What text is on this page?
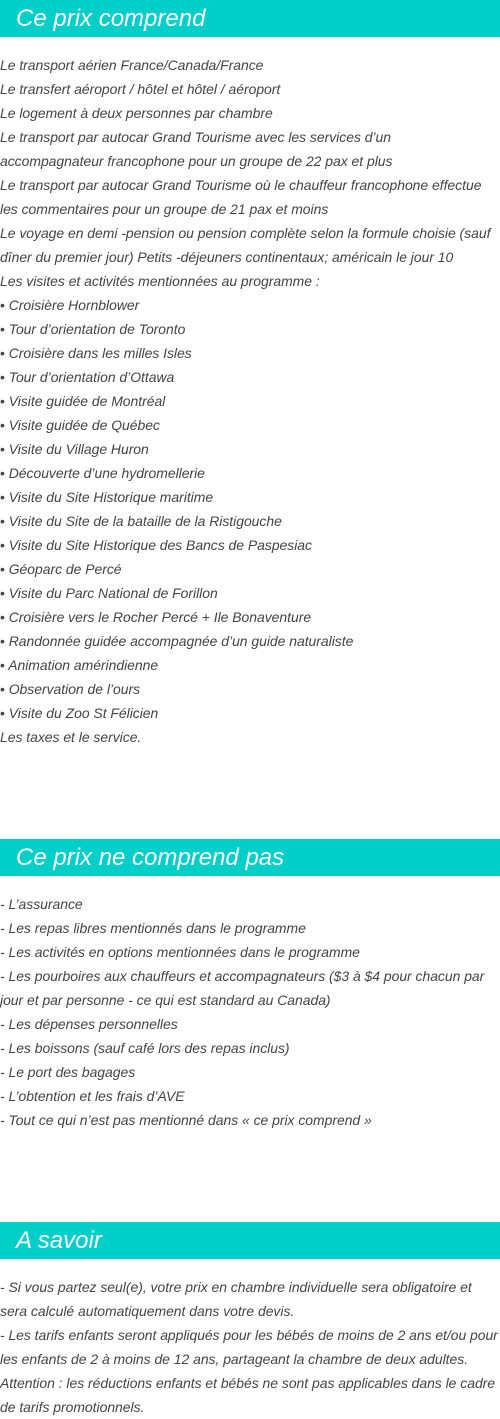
Ce prix comprend
Le transport aérien France/Canada/France
Le transfert aéroport / hôtel et hôtel / aéroport
Le logement à deux personnes par chambre
Le transport par autocar Grand Tourisme avec les services d’un
accompagnateur francophone pour un groupe de 22 pax et plus
Le transport par autocar Grand Tourisme où le chauffeur francophone effectue
les commentaires pour un groupe de 21 pax et moins
Le voyage en demi -pension ou pension complète selon la formule choisie (sauf
dîner du premier jour) Petits -déjeuners continentaux; américain le jour 10
Les visites et activités mentionnées au programme :
• Croisière Hornblower
• Tour d’orientation de Toronto
• Croisière dans les milles Isles
• Tour d’orientation d’Ottawa
• Visite guidée de Montréal
• Visite guidée de Québec
• Visite du Village Huron
• Découverte d’une hydromellerie
• Visite du Site Historique maritime
• Visite du Site de la bataille de la Ristigouche
• Visite du Site Historique des Bancs de Paspesiac
• Géoparc de Percé
• Visite du Parc National de Forillon
• Croisière vers le Rocher Percé + Ile Bonaventure
• Randonnée guidée accompagnée d’un guide naturaliste
• Animation amérindienne
• Observation de l’ours
• Visite du Zoo St Félicien
Les taxes et le service.
Ce prix ne comprend pas
- L’assurance
- Les repas libres mentionnés dans le programme
- Les activités en options mentionnées dans le programme
- Les pourboires aux chauffeurs et accompagnateurs ($3 à $4 pour chacun par
jour et par personne - ce qui est standard au Canada)
- Les dépenses personnelles
- Les boissons (sauf café lors des repas inclus)
- Le port des bagages
- L’obtention et les frais d’AVE
- Tout ce qui n’est pas mentionné dans « ce prix comprend »
A savoir
- Si vous partez seul(e), votre prix en chambre individuelle sera obligatoire et
sera calculé automatiquement dans votre devis.
- Les tarifs enfants seront appliqués pour les bébés de moins de 2 ans et/ou pour
les enfants de 2 à moins de 12 ans, partageant la chambre de deux adultes.
Attention : les réductions enfants et bébés ne sont pas applicables dans le cadre
de tarifs promotionnels.
